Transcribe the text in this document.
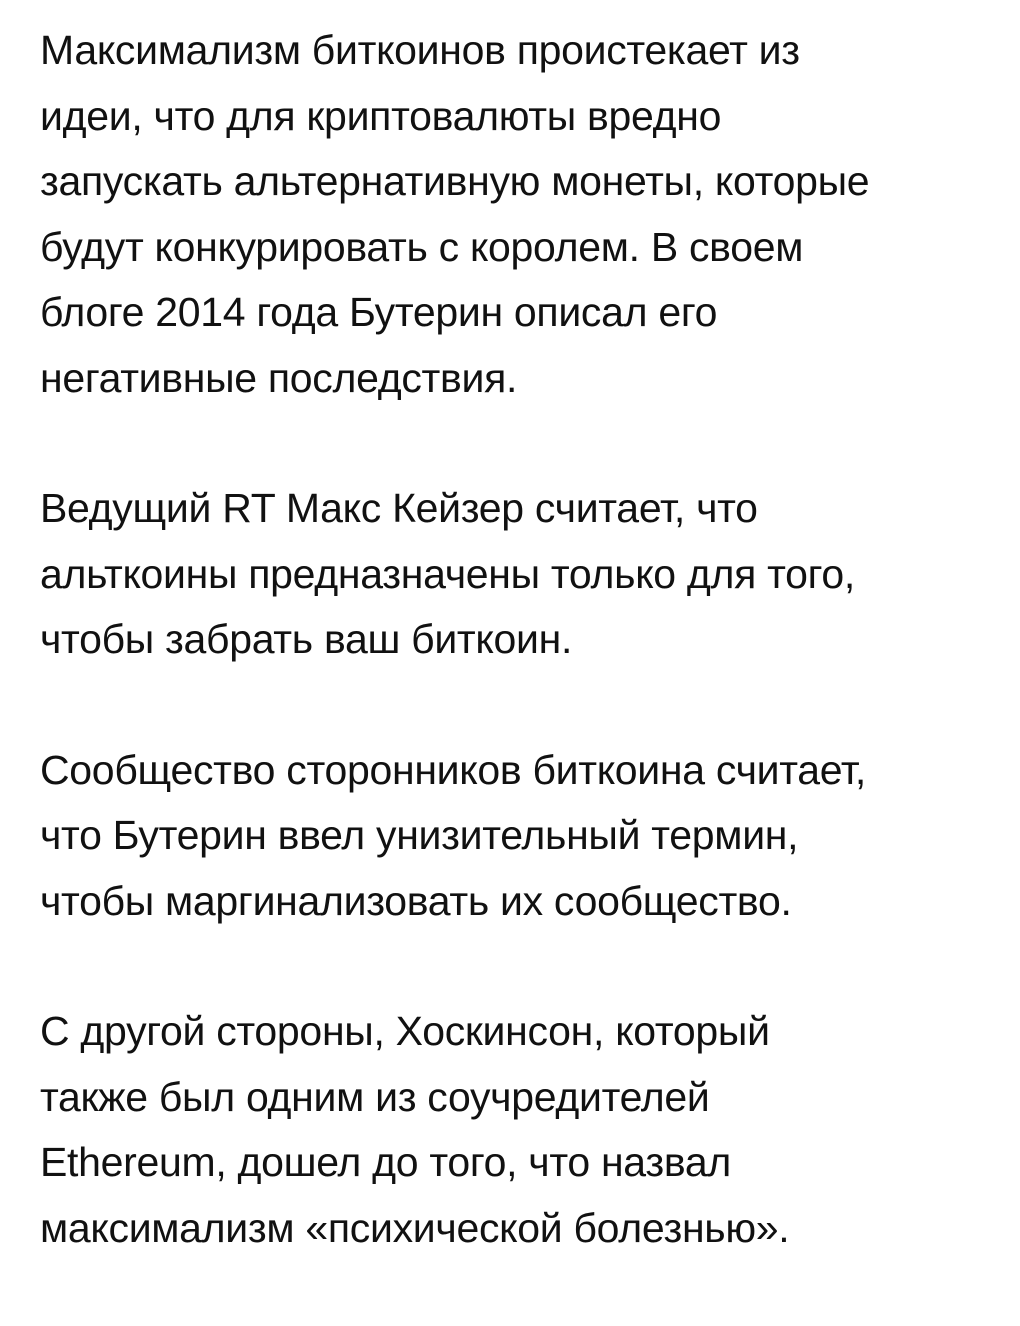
Максимализм биткоинов проистекает из
идеи, что для криптовалюты вредно
запускать альтернативную монеты, которые
будут конкурировать с королем. В своем
блоге 2014 года Бутерин описал его
негативные последствия.

Ведущий RT Макс Кейзер считает, что
альткоины предназначены только для того,
чтобы забрать ваш биткоин.

Сообщество сторонников биткоина считает,
что Бутерин ввел унизительный термин,
чтобы маргинализовать их сообщество.

С другой стороны, Хоскинсон, который
также был одним из соучредителей
Ethereum, дошел до того, что назвал
максимализм «психической болезнью».
